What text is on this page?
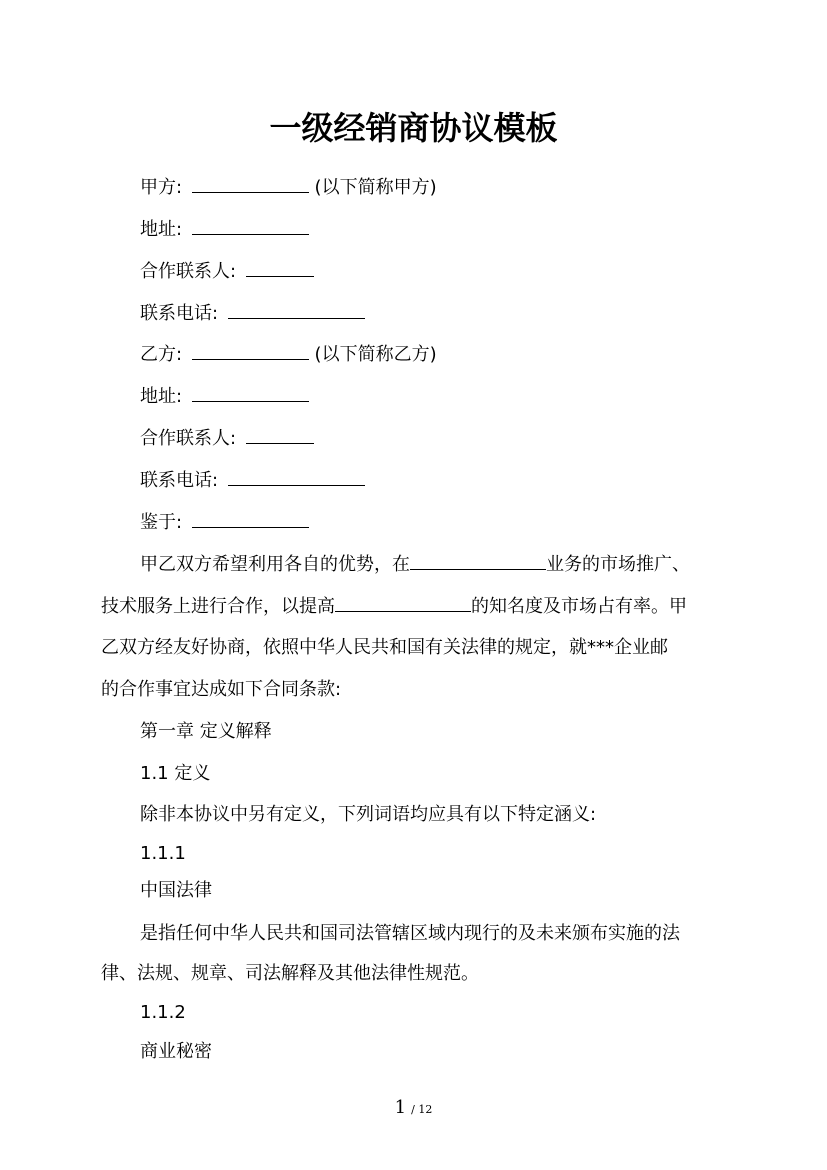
一级经销商协议模板
甲方:	(以下简称甲方)
地址:
合作联系人:
联系电话:
乙方:	(以下简称乙方)
地址:
合作联系人:
联系电话:
鉴于:
甲乙双方希望利用各自的优势，在	业务的市场推广、
技术服务上进行合作，以提高	的知名度及市场占有率。甲
乙双方经友好协商，依照中华人民共和国有关法律的规定，就***企业邮
的合作事宜达成如下合同条款:
第一章 定义解释
1.1 定义
除非本协议中另有定义，下列词语均应具有以下特定涵义:
1.1.1
中国法律
是指任何中华人民共和国司法管辖区域内现行的及未来颁布实施的法
律、法规、规章、司法解释及其他法律性规范。
1.1.2
商业秘密
1 / 12
